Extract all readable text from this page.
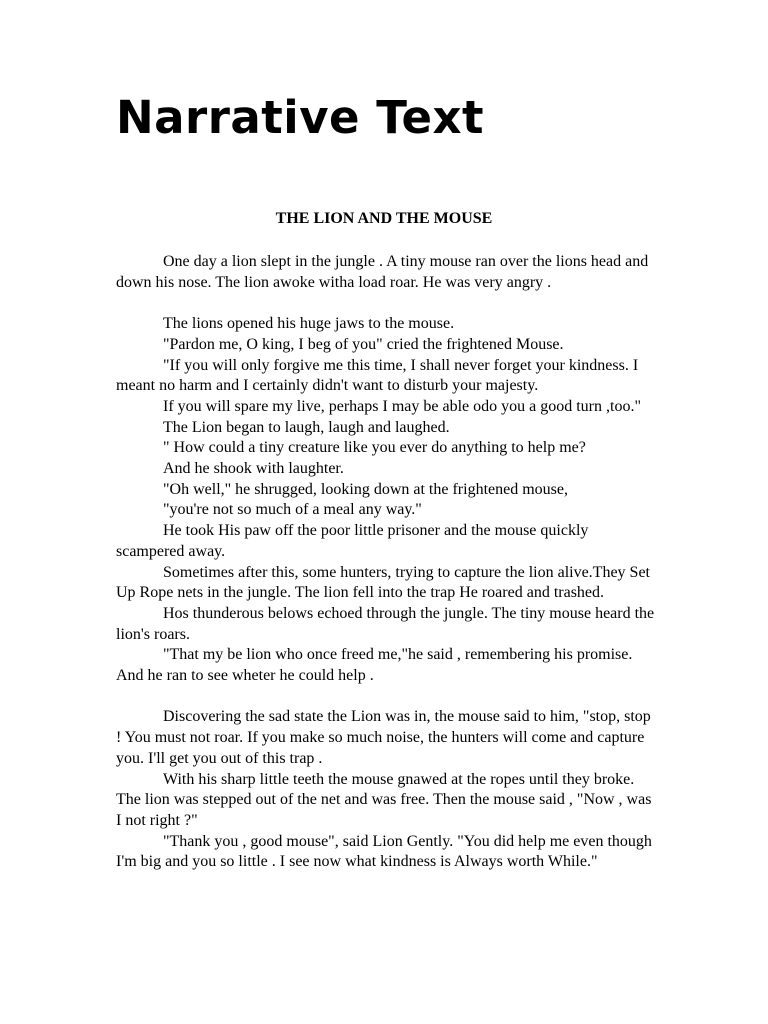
Narrative Text
THE LION AND THE MOUSE

One day a lion slept in the jungle . A tiny mouse ran over the lions head and down his nose. The lion awoke witha load roar. He was very angry .

The lions opened his huge jaws to the mouse.

"Pardon me, O king, I beg of you" cried the frightened Mouse.

"If you will only forgive me this time, I shall never forget your kindness. I meant no harm and I certainly didn't want to disturb your majesty.

If you will spare my live, perhaps I may be able odo you a good turn ,too."

The Lion began to laugh, laugh and laughed.

" How could a tiny creature like you ever do anything to help me?

And he shook with laughter.

"Oh well," he shrugged, looking down at the frightened mouse,

"you're not so much of a meal any way."

He took His paw off the poor little prisoner and the mouse quickly scampered away.

Sometimes after this, some hunters, trying to capture the lion alive.They Set Up Rope nets in the jungle. The lion fell into the trap He roared and trashed.

Hos thunderous belows echoed through the jungle. The tiny mouse heard the lion's roars.

"That my be lion who once freed me,"he said , remembering his promise. And he ran to see wheter he could help .

Discovering the sad state the Lion was in, the mouse said to him, "stop, stop ! You must not roar. If you make so much noise, the hunters will come and capture you. I'll get you out of this trap .

With his sharp little teeth the mouse gnawed at the ropes until they broke. The lion was stepped out of the net and was free. Then the mouse said , "Now , was I not right ?"

"Thank you , good mouse", said Lion Gently. "You did help me even though I'm big and you so little . I see now what kindness is Always worth While."
